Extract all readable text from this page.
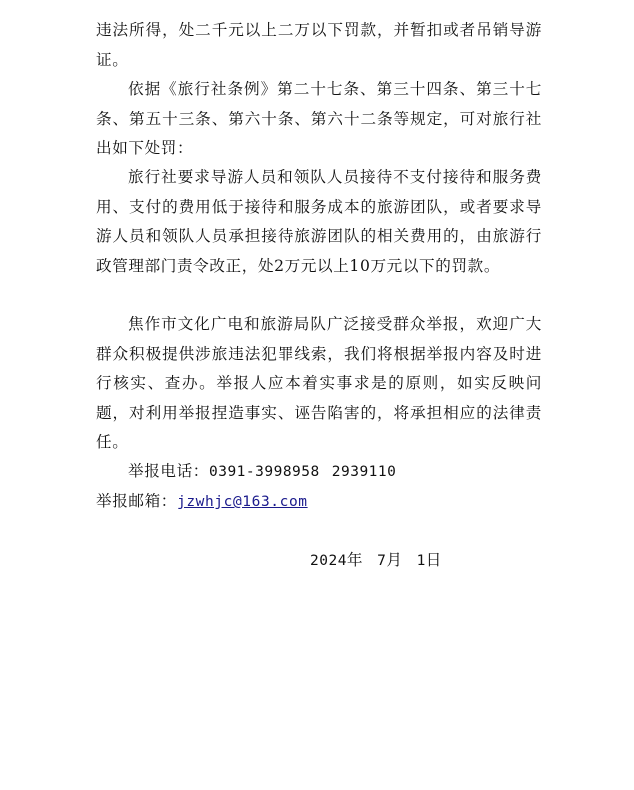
违法所得，处二千元以上二万以下罚款，并暂扣或者吊销导游证。

依据《旅行社条例》第二十七条、第三十四条、第三十七条、第五十三条、第六十条、第六十二条等规定，可对旅行社出如下处罚：

旅行社要求导游人员和领队人员接待不支付接待和服务费用、支付的费用低于接待和服务成本的旅游团队，或者要求导游人员和领队人员承担接待旅游团队的相关费用的，由旅游行政管理部门责令改正，处2万元以上10万元以下的罚款。

焦作市文化广电和旅游局队广泛接受群众举报，欢迎广大群众积极提供涉旅违法犯罪线索，我们将根据举报内容及时进行核实、查办。举报人应本着实事求是的原则，如实反映问题，对利用举报捏造事实、诬告陷害的，将承担相应的法律责任。

举报电话：0391-3998958 2939110

举报邮箱：jzwhjc@163.com

2024年 7月 1日
